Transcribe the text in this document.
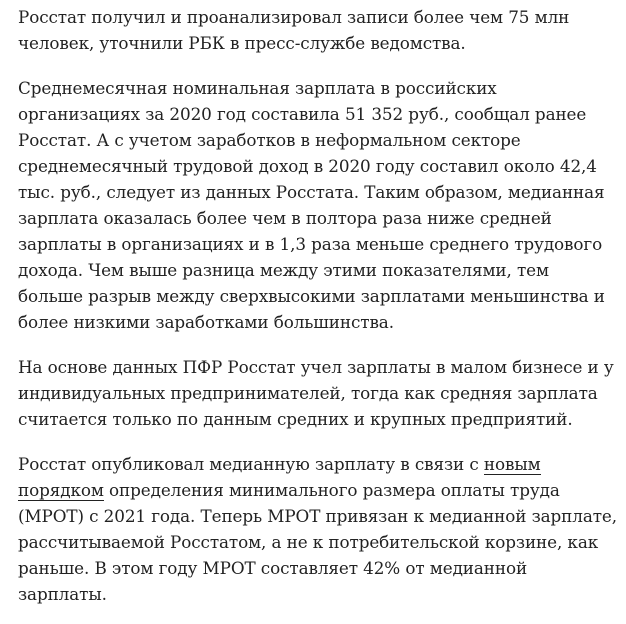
Росстат получил и проанализировал записи более чем 75 млн
человек, уточнили РБК в пресс-службе ведомства.

Среднемесячная номинальная зарплата в российских
организациях за 2020 год составила 51 352 руб., сообщал ранее
Росстат. А с учетом заработков в неформальном секторе
среднемесячный трудовой доход в 2020 году составил около 42,4
тыс. руб., следует из данных Росстата. Таким образом, медианная
зарплата оказалась более чем в полтора раза ниже средней
зарплаты в организациях и в 1,3 раза меньше среднего трудового
дохода. Чем выше разница между этими показателями, тем
больше разрыв между сверхвысокими зарплатами меньшинства и
более низкими заработками большинства.

На основе данных ПФР Росстат учел зарплаты в малом бизнесе и у
индивидуальных предпринимателей, тогда как средняя зарплата
считается только по данным средних и крупных предприятий.

Росстат опубликовал медианную зарплату в связи с новым
порядком определения минимального размера оплаты труда
(МРОТ) с 2021 года. Теперь МРОТ привязан к медианной зарплате,
рассчитываемой Росстатом, а не к потребительской корзине, как
раньше. В этом году МРОТ составляет 42% от медианной
зарплаты.
